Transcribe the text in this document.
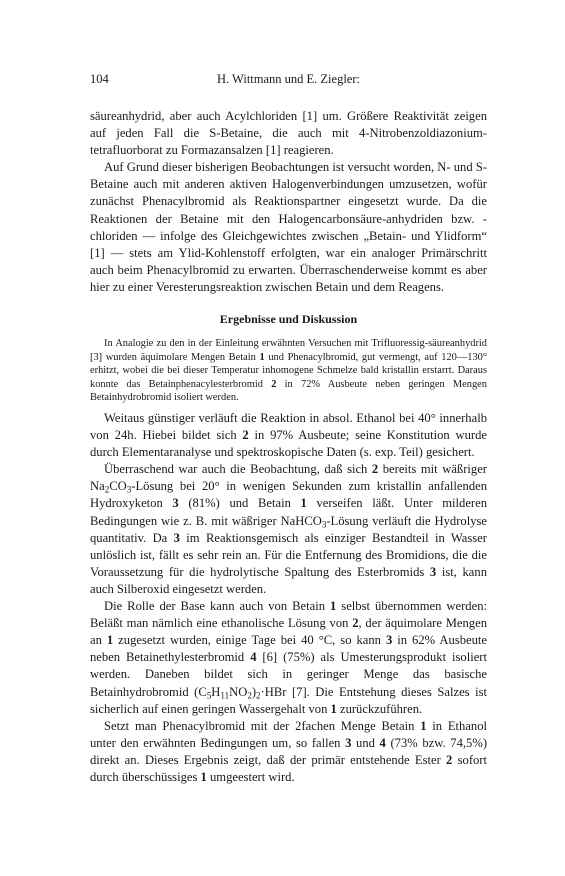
104	H. Wittmann und E. Ziegler:

säureanhydrid, aber auch Acylchloriden [1] um. Größere Reaktivität zeigen auf jeden Fall die S-Betaine, die auch mit 4-Nitrobenzoldiazonium-tetrafluorborat zu Formazansalzen [1] reagieren.

Auf Grund dieser bisherigen Beobachtungen ist versucht worden, N- und S-Betaine auch mit anderen aktiven Halogenverbindungen umzusetzen, wofür zunächst Phenacylbromid als Reaktionspartner eingesetzt wurde. Da die Reaktionen der Betaine mit den Halogencarbonsäure-anhydriden bzw. -chloriden — infolge des Gleichgewichtes zwischen „Betain- und Ylidform“ [1] — stets am Ylid-Kohlenstoff erfolgten, war ein analoger Primärschritt auch beim Phenacylbromid zu erwarten. Überraschenderweise kommt es aber hier zu einer Veresterungsreaktion zwischen Betain und dem Reagens.

Ergebnisse und Diskussion

In Analogie zu den in der Einleitung erwähnten Versuchen mit Trifluoressig-säureanhydrid [3] wurden äquimolare Mengen Betain 1 und Phenacylbromid, gut vermengt, auf 120—130° erhitzt, wobei die bei dieser Temperatur inhomogene Schmelze bald kristallin erstarrt. Daraus konnte das Betainphenacylesterbromid 2 in 72% Ausbeute neben geringen Mengen Betainhydrobromid isoliert werden.

Weitaus günstiger verläuft die Reaktion in absol. Ethanol bei 40° innerhalb von 24h. Hiebei bildet sich 2 in 97% Ausbeute; seine Konstitution wurde durch Elementaranalyse und spektroskopische Daten (s. exp. Teil) gesichert.

Überraschend war auch die Beobachtung, daß sich 2 bereits mit wäßriger $Na_2CO_3$-Lösung bei 20° in wenigen Sekunden zum kristallin anfallenden Hydroxyketon 3 (81%) und Betain 1 verseifen läßt. Unter milderen Bedingungen wie z. B. mit wäßriger NaHCO$_3$-Lösung verläuft die Hydrolyse quantitativ. Da 3 im Reaktionsgemisch als einziger Bestandteil in Wasser unlöslich ist, fällt es sehr rein an. Für die Entfernung des Bromidions, die die Voraussetzung für die hydrolytische Spaltung des Esterbromids 3 ist, kann auch Silberoxid eingesetzt werden.

Die Rolle der Base kann auch von Betain 1 selbst übernommen werden: Beläßt man nämlich eine ethanolische Lösung von 2, der äquimolare Mengen an 1 zugesetzt wurden, einige Tage bei 40 °C, so kann 3 in 62% Ausbeute neben Betainethylesterbromid 4 [6] (75%) als Umesterungsprodukt isoliert werden. Daneben bildet sich in geringer Menge das basische Betainhydrobromid $(C_5H_{11}NO_2)_2\cdot HBr$ [7]. Die Entstehung dieses Salzes ist sicherlich auf einen geringen Wassergehalt von 1 zurückzuführen.

Setzt man Phenacylbromid mit der 2fachen Menge Betain 1 in Ethanol unter den erwähnten Bedingungen um, so fallen 3 und 4 (73% bzw. 74,5%) direkt an. Dieses Ergebnis zeigt, daß der primär entstehende Ester 2 sofort durch überschüssiges 1 umgeestert wird.
